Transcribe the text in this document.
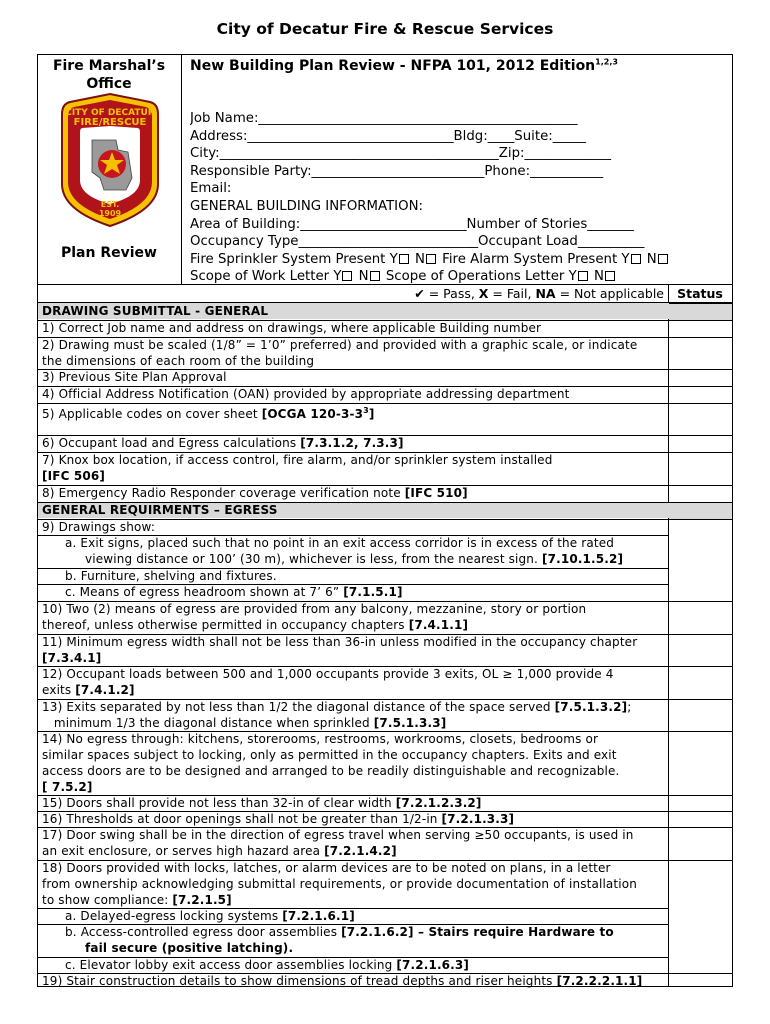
City of Decatur Fire & Rescue Services
Fire Marshal’s
Office
CITY OF DECATUR
FIRE/RESCUE
EST.
1909
Plan Review
New Building Plan Review - NFPA 101, 2012 Edition$^{1,2,3}$
Job Name:________________________________________________
Address:_______________________________Bldg:____Suite:_____
City:__________________________________________Zip:_____________
Responsible Party:__________________________Phone:___________
Email:
GENERAL BUILDING INFORMATION:
Area of Building:_________________________Number of Stories_______
Occupancy Type___________________________Occupant Load__________
Fire Sprinkler System Present Y N Fire Alarm System Present Y N
Scope of Work Letter Y N Scope of Operations Letter Y N
✔ = Pass, X = Fail, NA = Not applicable	Status
DRAWING SUBMITTAL - GENERAL
1) Correct Job name and address on drawings, where applicable Building number
2) Drawing must be scaled (1/8” = 1’0” preferred) and provided with a graphic scale, or indicate
the dimensions of each room of the building
3) Previous Site Plan Approval
4) Official Address Notification (OAN) provided by appropriate addressing department
5) Applicable codes on cover sheet [OCGA $120-3-3^3$]
6) Occupant load and Egress calculations [7.3.1.2, 7.3.3]
7) Knox box location, if access control, fire alarm, and/or sprinkler system installed
[IFC 506]
8) Emergency Radio Responder coverage verification note [IFC 510]
GENERAL REQUIRMENTS – EGRESS
9) Drawings show:
a. Exit signs, placed such that no point in an exit access corridor is in excess of the rated
viewing distance or 100’ (30 m), whichever is less, from the nearest sign. [7.10.1.5.2]
b. Furniture, shelving and fixtures.
c. Means of egress headroom shown at 7’ 6” [7.1.5.1]
10) Two (2) means of egress are provided from any balcony, mezzanine, story or portion
thereof, unless otherwise permitted in occupancy chapters [7.4.1.1]
11) Minimum egress width shall not be less than 36-in unless modified in the occupancy chapter
[7.3.4.1]
12) Occupant loads between 500 and 1,000 occupants provide 3 exits, OL ≥ 1,000 provide 4
exits [7.4.1.2]
13) Exits separated by not less than 1/2 the diagonal distance of the space served [7.5.1.3.2];
minimum 1/3 the diagonal distance when sprinkled [7.5.1.3.3]
14) No egress through: kitchens, storerooms, restrooms, workrooms, closets, bedrooms or
similar spaces subject to locking, only as permitted in the occupancy chapters. Exits and exit
access doors are to be designed and arranged to be readily distinguishable and recognizable.
[ 7.5.2]
15) Doors shall provide not less than 32-in of clear width [7.2.1.2.3.2]
16) Thresholds at door openings shall not be greater than 1/2-in [7.2.1.3.3]
17) Door swing shall be in the direction of egress travel when serving ≥50 occupants, is used in
an exit enclosure, or serves high hazard area [7.2.1.4.2]
18) Doors provided with locks, latches, or alarm devices are to be noted on plans, in a letter
from ownership acknowledging submittal requirements, or provide documentation of installation
to show compliance: [7.2.1.5]
a. Delayed-egress locking systems [7.2.1.6.1]
b. Access-controlled egress door assemblies [7.2.1.6.2] – Stairs require Hardware to
fail secure (positive latching).
c. Elevator lobby exit access door assemblies locking [7.2.1.6.3]
19) Stair construction details to show dimensions of tread depths and riser heights [7.2.2.2.1.1]
